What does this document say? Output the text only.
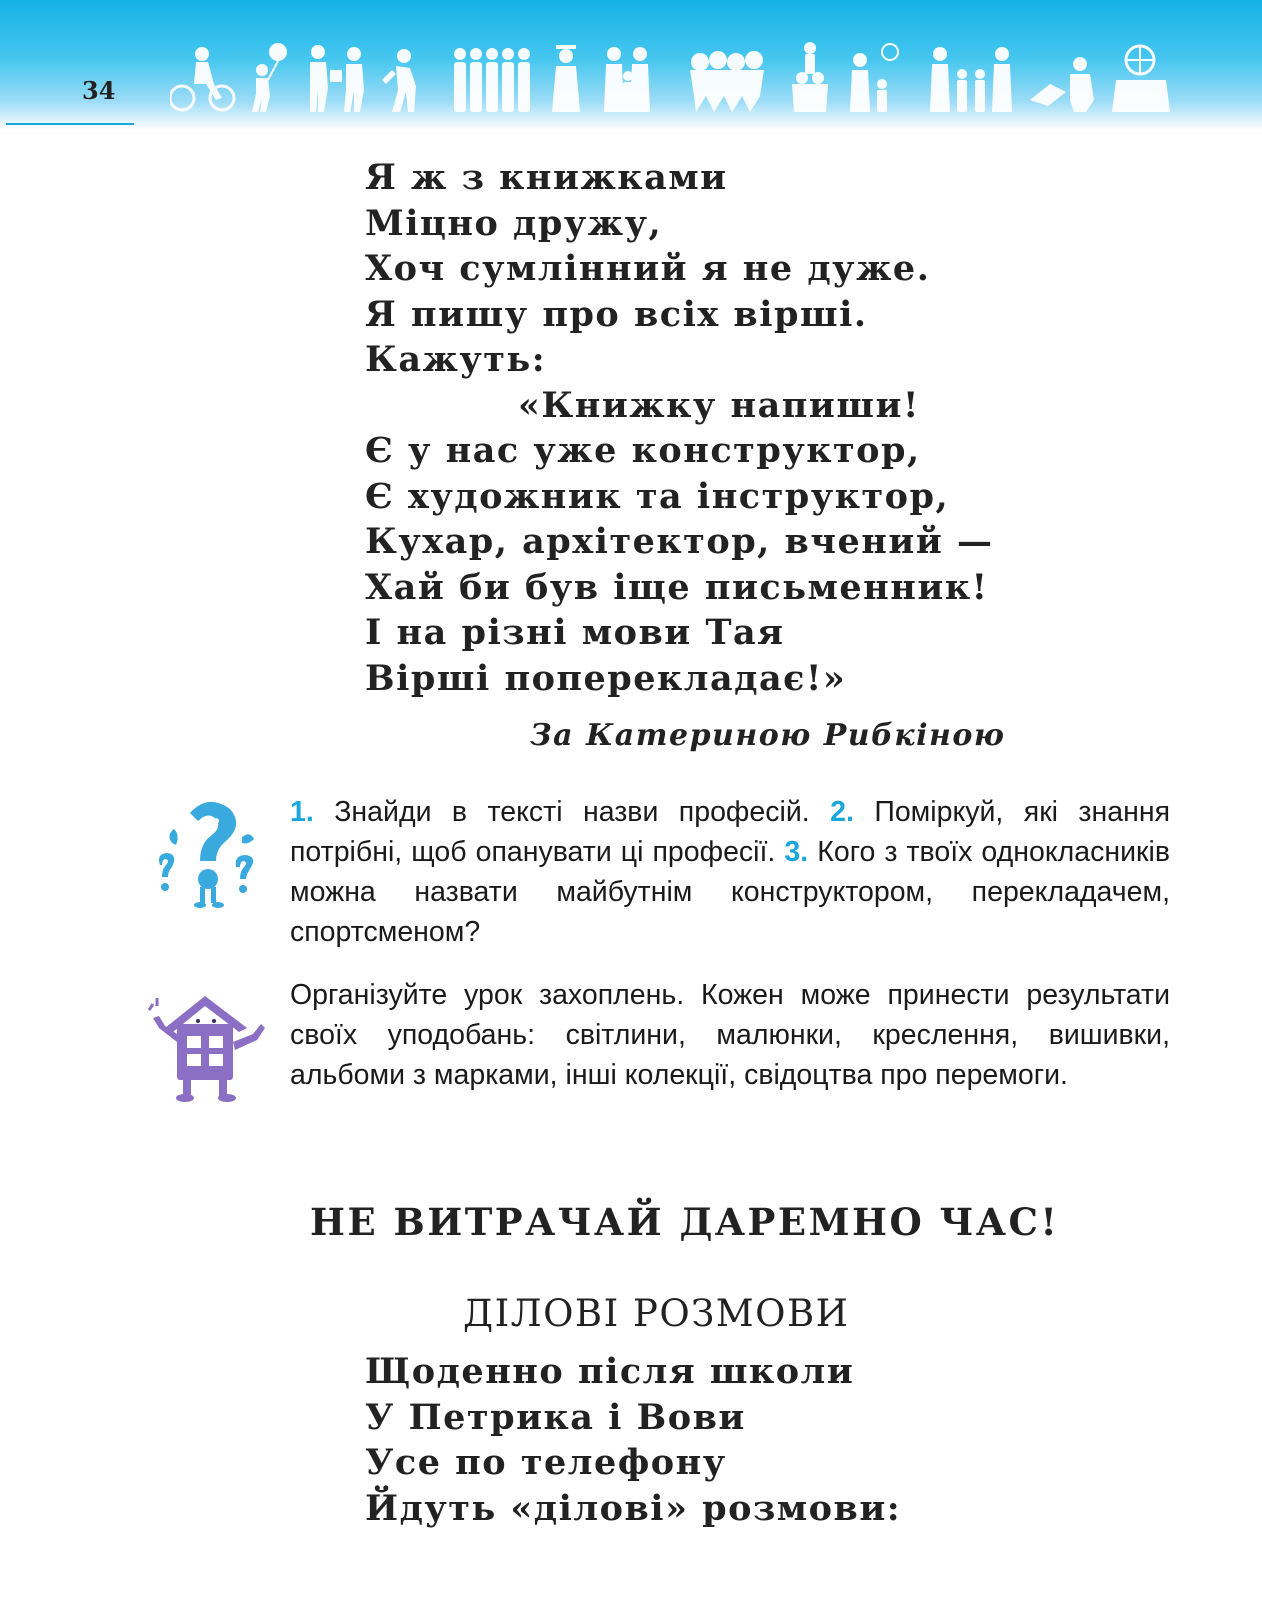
34
Я ж з книжками
Міцно дружу,
Хоч сумлінний я не дуже.
Я пишу про всіх вірші.
Кажуть:
«Книжку напиши!
Є у нас уже конструктор,
Є художник та інструктор,
Кухар, архітектор, вчений —
Хай би був іще письменник!
І на різні мови Тая
Вірші поперекладає!»
За Катериною Рибкіною

1. Знайди в тексті назви професій. 2. Поміркуй, які знання потрібні, щоб опанувати ці професії. 3. Кого з твоїх однокласників можна назвати майбутнім конструктором, перекладачем, спортсменом?

Організуйте урок захоплень. Кожен може принести результати своїх уподобань: світлини, малюнки, креслення, вишивки, альбоми з марками, інші колекції, свідоцтва про перемоги.

НЕ ВИТРАЧАЙ ДАРЕМНО ЧАС!
ДІЛОВІ РОЗМОВИ
Щоденно після школи
У Петрика і Вови
Усе по телефону
Йдуть «ділові» розмови:
